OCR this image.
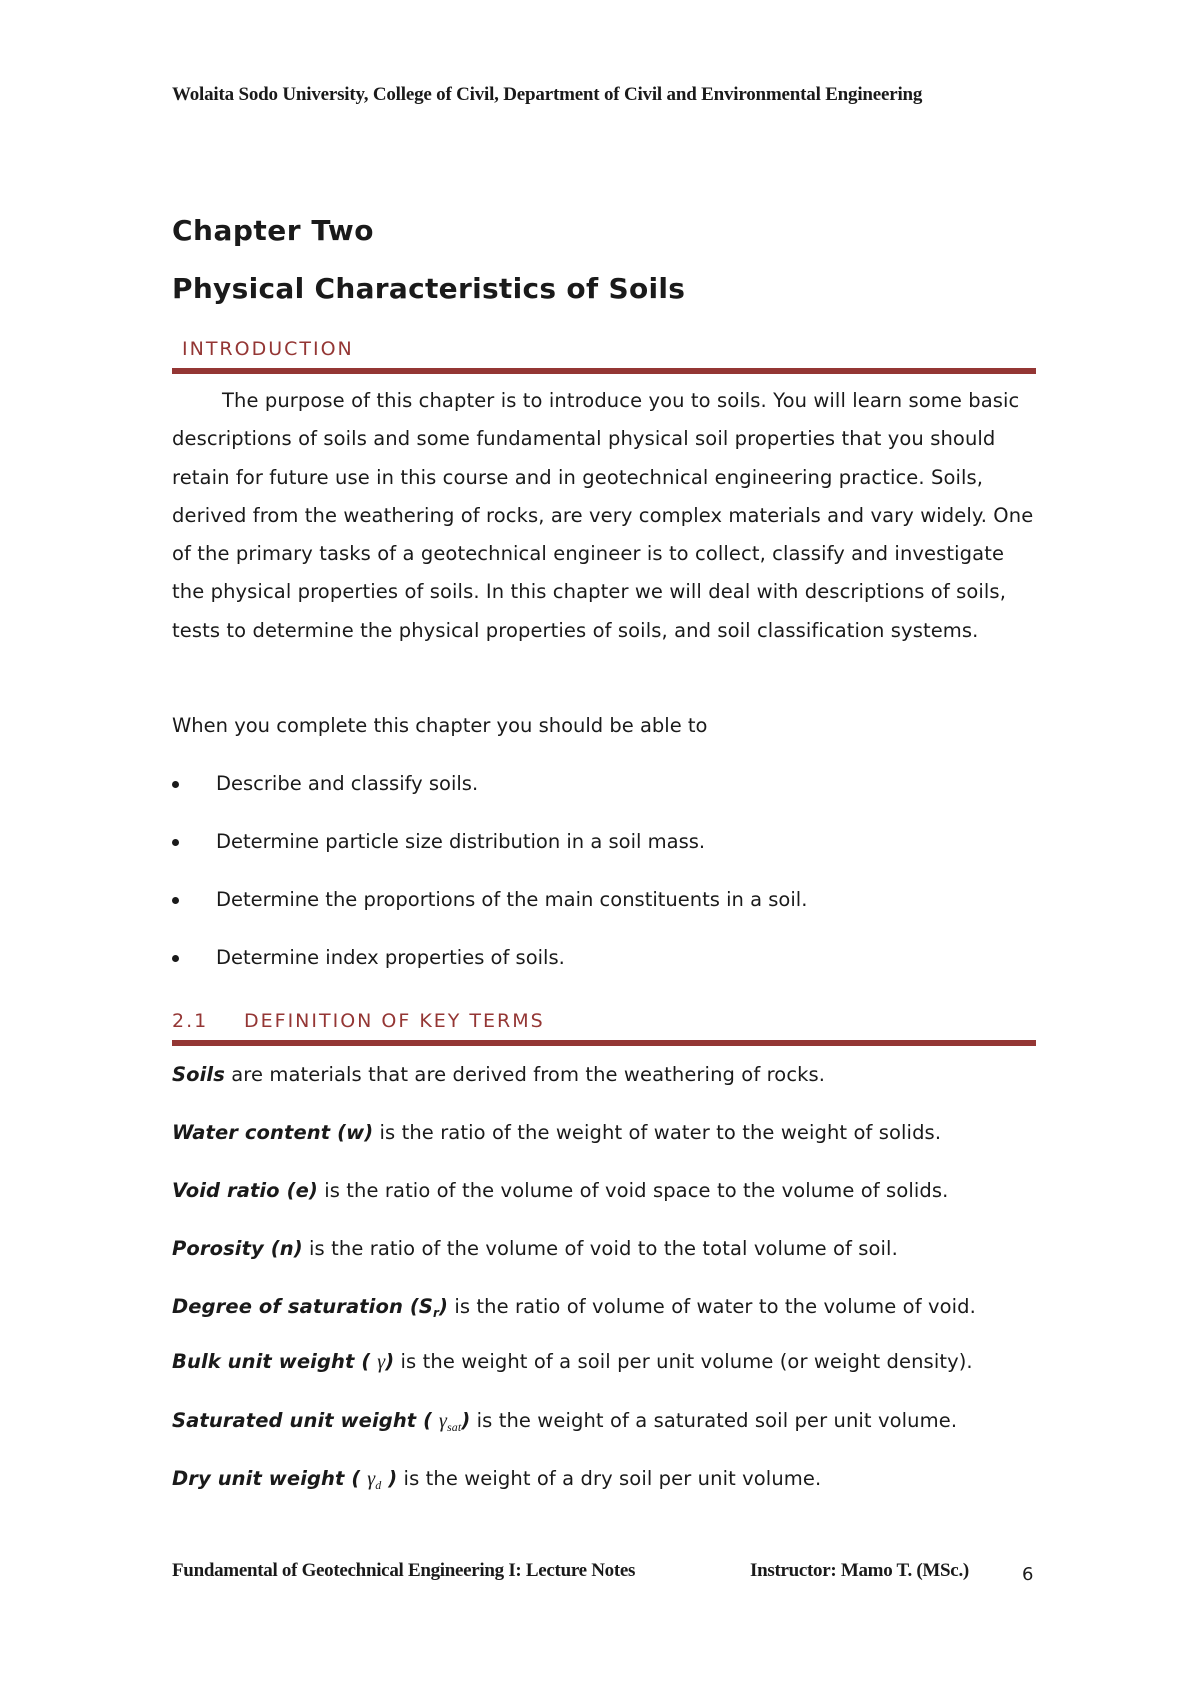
Wolaita Sodo University, College of Civil, Department of Civil and Environmental Engineering
Chapter Two
Physical Characteristics of Soils
INTRODUCTION
The purpose of this chapter is to introduce you to soils. You will learn some basic descriptions of soils and some fundamental physical soil properties that you should retain for future use in this course and in geotechnical engineering practice. Soils, derived from the weathering of rocks, are very complex materials and vary widely. One of the primary tasks of a geotechnical engineer is to collect, classify and investigate the physical properties of soils. In this chapter we will deal with descriptions of soils, tests to determine the physical properties of soils, and soil classification systems.
When you complete this chapter you should be able to
Describe and classify soils.
Determine particle size distribution in a soil mass.
Determine the proportions of the main constituents in a soil.
Determine index properties of soils.
2.1 DEFINITION OF KEY TERMS
Soils are materials that are derived from the weathering of rocks.
Water content (w) is the ratio of the weight of water to the weight of solids.
Void ratio (e) is the ratio of the volume of void space to the volume of solids.
Porosity (n) is the ratio of the volume of void to the total volume of soil.
Degree of saturation $(S_r)$ is the ratio of volume of water to the volume of void.
Bulk unit weight ( γ) is the weight of a soil per unit volume (or weight density).
Saturated unit weight ( $\gamma_{sat}$) is the weight of a saturated soil per unit volume.
Dry unit weight ( $\gamma_d$ ) is the weight of a dry soil per unit volume.
Fundamental of Geotechnical Engineering I: Lecture Notes	Instructor: Mamo T. (MSc.)	6
